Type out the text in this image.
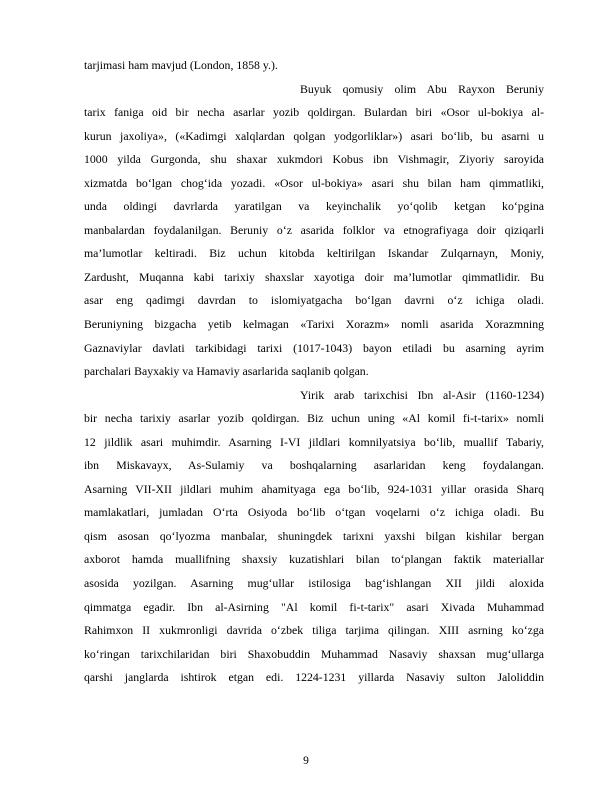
tarjimasi ham mavjud (London, 1858 y.).
Buyuk qomusiy olim Abu Rayxon Beruniy
tarix faniga oid bir necha asarlar yozib qoldirgan. Bulardan biri «Osor ul-bokiya al-
kurun jaxoliya», («Kadimgi xalqlardan qolgan yodgorliklar») asari bo‘lib, bu asarni u
1000 yilda Gurgonda, shu shaxar xukmdori Kobus ibn Vishmagir, Ziyoriy saroyida
xizmatda bo‘lgan chog‘ida yozadi. «Osor ul-bokiya» asari shu bilan ham qimmatliki,
unda oldingi davrlarda yaratilgan va keyinchalik yo‘qolib ketgan ko‘pgina
manbalardan foydalanilgan. Beruniy o‘z asarida folklor va etnografiyaga doir qiziqarli
ma’lumotlar keltiradi. Biz uchun kitobda keltirilgan Iskandar Zulqarnayn, Moniy,
Zardusht, Muqanna kabi tarixiy shaxslar xayotiga doir ma’lumotlar qimmatlidir. Bu
asar eng qadimgi davrdan to islomiyatgacha bo‘lgan davrni o‘z ichiga oladi.
Beruniyning bizgacha yetib kelmagan «Tarixi Xorazm» nomli asarida Xorazmning
Gaznaviylar davlati tarkibidagi tarixi (1017-1043) bayon etiladi bu asarning ayrim
parchalari Bayxakiy va Hamaviy asarlarida saqlanib qolgan.
Yirik arab tarixchisi Ibn al-Asir (1160-1234)
bir necha tarixiy asarlar yozib qoldirgan. Biz uchun uning «Al komil fi-t-tarix» nomli
12 jildlik asari muhimdir. Asarning I-VI jildlari komnilyatsiya bo‘lib, muallif Tabariy,
ibn Miskavayx, As-Sulamiy va boshqalarning asarlaridan keng foydalangan.
Asarning VII-XII jildlari muhim ahamityaga ega bo‘lib, 924-1031 yillar orasida Sharq
mamlakatlari, jumladan O‘rta Osiyoda bo‘lib o‘tgan voqelarni o‘z ichiga oladi. Bu
qism asosan qo‘lyozma manbalar, shuningdek tarixni yaxshi bilgan kishilar bergan
axborot hamda muallifning shaxsiy kuzatishlari bilan to‘plangan faktik materiallar
asosida yozilgan. Asarning mug‘ullar istilosiga bag‘ishlangan XII jildi aloxida
qimmatga egadir. Ibn al-Asirning "Al komil fi-t-tarix" asari Xivada Muhammad
Rahimxon II xukmronligi davrida o‘zbek tiliga tarjima qilingan. XIII asrning ko‘zga
ko‘ringan tarixchilaridan biri Shaxobuddin Muhammad Nasaviy shaxsan mug‘ullarga
qarshi janglarda ishtirok etgan edi. 1224-1231 yillarda Nasaviy sulton Jaloliddin
9
